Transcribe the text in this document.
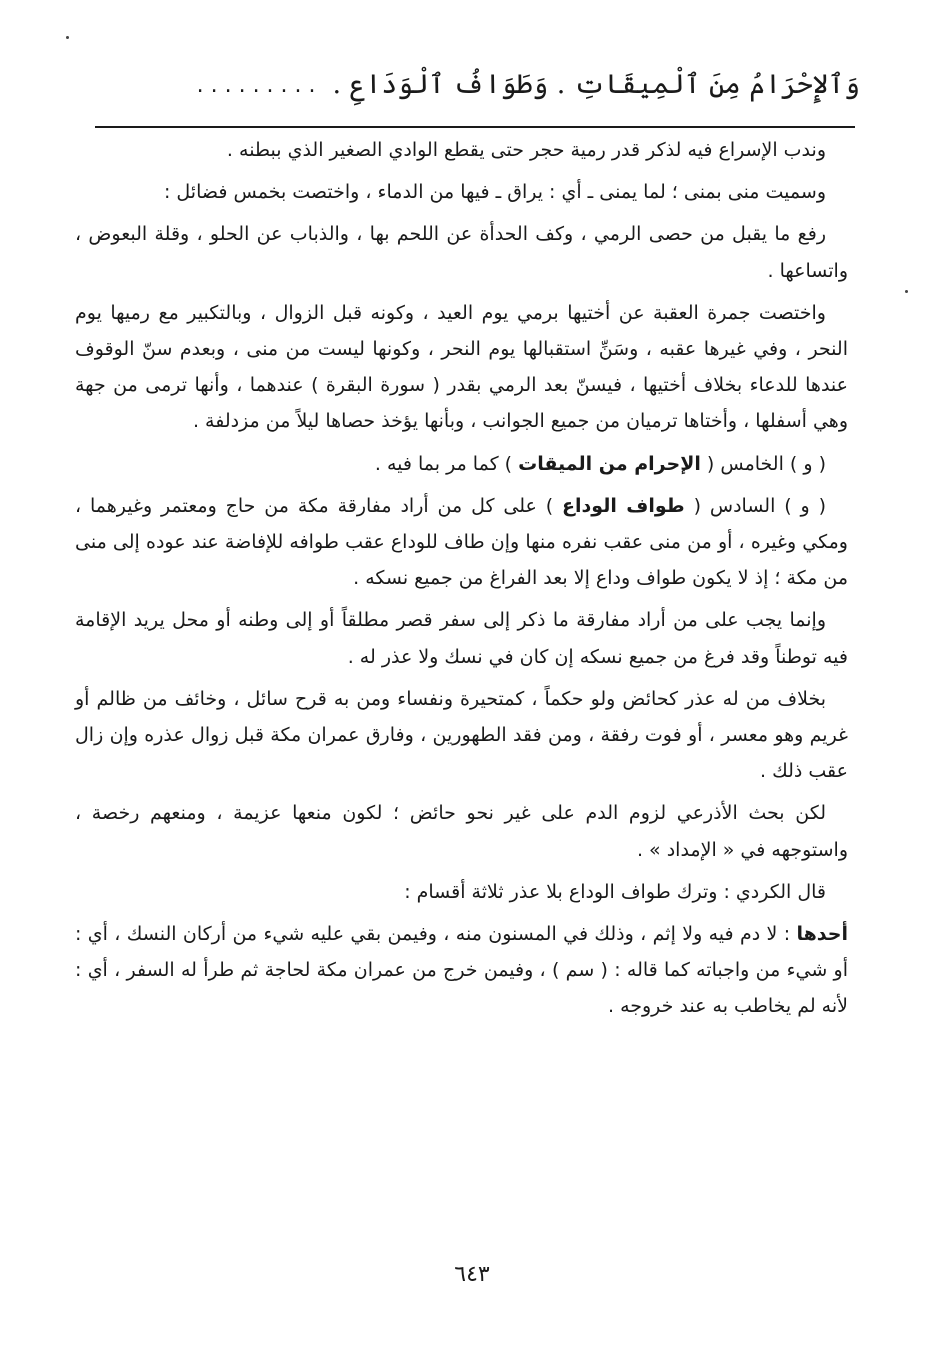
وَٱلإِحْرَامُ مِنَ ٱلْمِيقَاتِ . وَطَوَافُ ٱلْوَدَاعِ .
.........

وندب الإسراع فيه لذكر قدر رمية حجر حتى يقطع الوادي الصغير الذي ببطنه .

وسميت منى بمنى ؛ لما يمنى ـ أي : يراق ـ فيها من الدماء ، واختصت بخمس فضائل :

رفع ما يقبل من حصى الرمي ، وكف الحدأة عن اللحم بها ، والذباب عن الحلو ، وقلة البعوض ، واتساعها .

واختصت جمرة العقبة عن أختيها برمي يوم العيد ، وكونه قبل الزوال ، وبالتكبير مع رميها يوم النحر ، وفي غيرها عقبه ، وسَنِّ استقبالها يوم النحر ، وكونها ليست من منى ، وبعدم سنّ الوقوف عندها للدعاء بخلاف أختيها ، فيسنّ بعد الرمي بقدر ( سورة البقرة ) عندهما ، وأنها ترمى من جهة وهي أسفلها ، وأختاها ترميان من جميع الجوانب ، وبأنها يؤخذ حصاها ليلاً من مزدلفة .

( و ) الخامس ( الإحرام من الميقات ) كما مر بما فيه .

( و ) السادس ( طواف الوداع ) على كل من أراد مفارقة مكة من حاج ومعتمر وغيرهما ، ومكي وغيره ، أو من منى عقب نفره منها وإن طاف للوداع عقب طوافه للإفاضة عند عوده إلى منى من مكة ؛ إذ لا يكون طواف وداع إلا بعد الفراغ من جميع نسكه .

وإنما يجب على من أراد مفارقة ما ذكر إلى سفر قصر مطلقاً أو إلى وطنه أو محل يريد الإقامة فيه توطناً وقد فرغ من جميع نسكه إن كان في نسك ولا عذر له .

بخلاف من له عذر كحائض ولو حكماً ، كمتحيرة ونفساء ومن به قرح سائل ، وخائف من ظالم أو غريم وهو معسر ، أو فوت رفقة ، ومن فقد الطهورين ، وفارق عمران مكة قبل زوال عذره وإن زال عقب ذلك .

لكن بحث الأذرعي لزوم الدم على غير نحو حائض ؛ لكون منعها عزيمة ، ومنعهم رخصة ، واستوجهه في « الإمداد » .

قال الكردي : وترك طواف الوداع بلا عذر ثلاثة أقسام :

أحدها : لا دم فيه ولا إثم ، وذلك في المسنون منه ، وفيمن بقي عليه شيء من أركان النسك ، أي : أو شيء من واجباته كما قاله : ( سم ) ، وفيمن خرج من عمران مكة لحاجة ثم طرأ له السفر ، أي : لأنه لم يخاطب به عند خروجه .

٦٤٣
